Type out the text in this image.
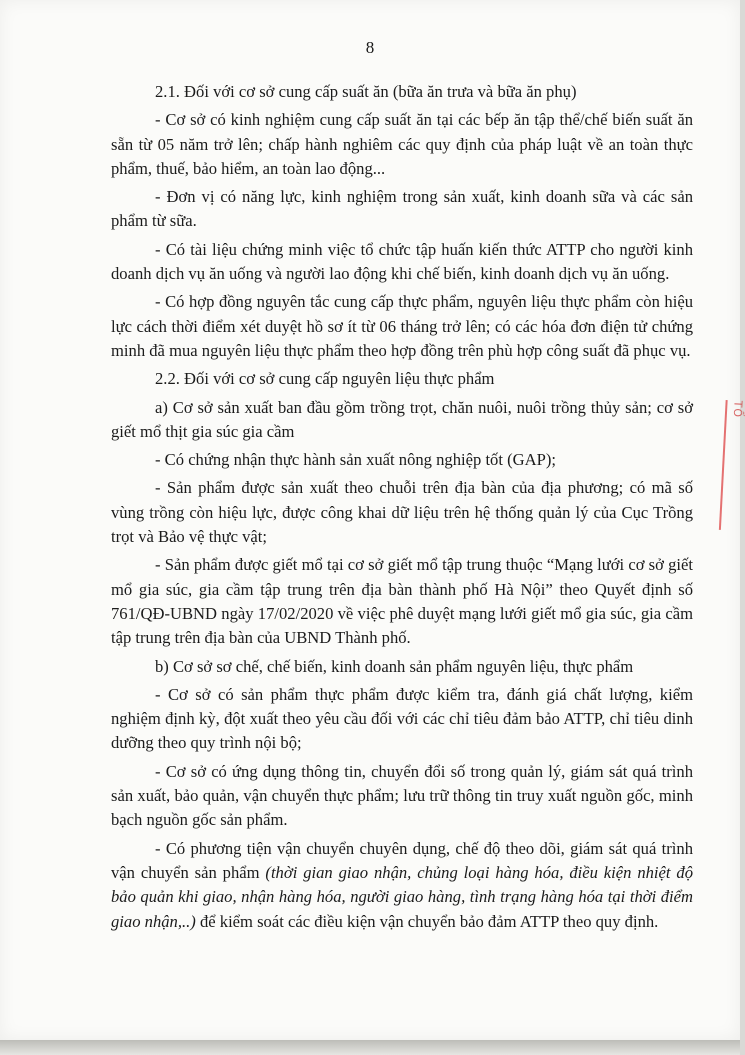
8

2.1. Đối với cơ sở cung cấp suất ăn (bữa ăn trưa và bữa ăn phụ)

- Cơ sở có kinh nghiệm cung cấp suất ăn tại các bếp ăn tập thể/chế biến suất ăn sẵn từ 05 năm trở lên; chấp hành nghiêm các quy định của pháp luật về an toàn thực phẩm, thuế, bảo hiểm, an toàn lao động...

- Đơn vị có năng lực, kinh nghiệm trong sản xuất, kinh doanh sữa và các sản phẩm từ sữa.

- Có tài liệu chứng minh việc tổ chức tập huấn kiến thức ATTP cho người kinh doanh dịch vụ ăn uống và người lao động khi chế biến, kinh doanh dịch vụ ăn uống.

- Có hợp đồng nguyên tắc cung cấp thực phẩm, nguyên liệu thực phẩm còn hiệu lực cách thời điểm xét duyệt hồ sơ ít từ 06 tháng trở lên; có các hóa đơn điện tử chứng minh đã mua nguyên liệu thực phẩm theo hợp đồng trên phù hợp công suất đã phục vụ.

2.2. Đối với cơ sở cung cấp nguyên liệu thực phẩm

a) Cơ sở sản xuất ban đầu gồm trồng trọt, chăn nuôi, nuôi trồng thủy sản; cơ sở giết mổ thịt gia súc gia cầm

- Có chứng nhận thực hành sản xuất nông nghiệp tốt (GAP);

- Sản phẩm được sản xuất theo chuỗi trên địa bàn của địa phương; có mã số vùng trồng còn hiệu lực, được công khai dữ liệu trên hệ thống quản lý của Cục Trồng trọt và Bảo vệ thực vật;

- Sản phẩm được giết mổ tại cơ sở giết mổ tập trung thuộc “Mạng lưới cơ sở giết mổ gia súc, gia cầm tập trung trên địa bàn thành phố Hà Nội” theo Quyết định số 761/QĐ-UBND ngày 17/02/2020 về việc phê duyệt mạng lưới giết mổ gia súc, gia cầm tập trung trên địa bàn của UBND Thành phố.

b) Cơ sở sơ chế, chế biến, kinh doanh sản phẩm nguyên liệu, thực phẩm

- Cơ sở có sản phẩm thực phẩm được kiểm tra, đánh giá chất lượng, kiểm nghiệm định kỳ, đột xuất theo yêu cầu đối với các chỉ tiêu đảm bảo ATTP, chỉ tiêu dinh dưỡng theo quy trình nội bộ;

- Cơ sở có ứng dụng thông tin, chuyển đổi số trong quản lý, giám sát quá trình sản xuất, bảo quản, vận chuyển thực phẩm; lưu trữ thông tin truy xuất nguồn gốc, minh bạch nguồn gốc sản phẩm.

- Có phương tiện vận chuyển chuyên dụng, chế độ theo dõi, giám sát quá trình vận chuyển sản phẩm (thời gian giao nhận, chủng loại hàng hóa, điều kiện nhiệt độ bảo quản khi giao, nhận hàng hóa, người giao hàng, tình trạng hàng hóa tại thời điểm giao nhận,..) để kiểm soát các điều kiện vận chuyển bảo đảm ATTP theo quy định.

TỔ
